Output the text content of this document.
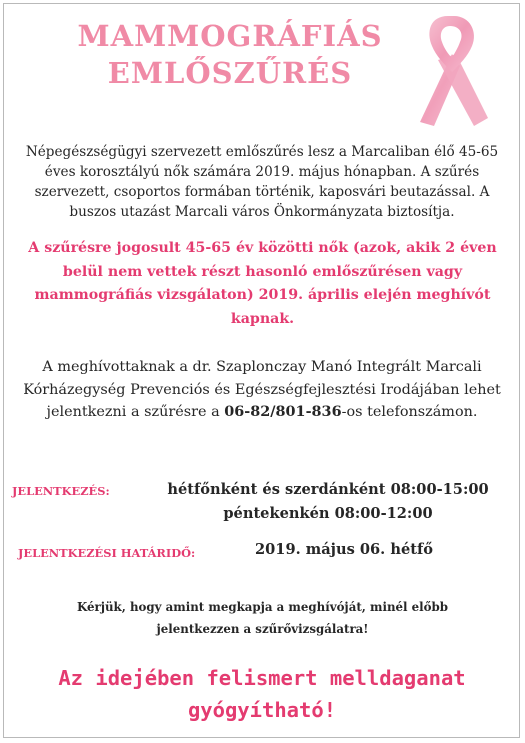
MAMMOGRÁFIÁS
EMLŐSZŰRÉS
Népegészségügyi szervezett emlőszűrés lesz a Marcaliban élő 45-65 éves korosztályú nők számára 2019. május hónapban. A szűrés szervezett, csoportos formában történik, kaposvári beutazással. A buszos utazást Marcali város Önkormányzata biztosítja.
A szűrésre jogosult 45-65 év közötti nők (azok, akik 2 éven belül nem vettek részt hasonló emlőszűrésen vagy mammográfiás vizsgálaton) 2019. április elején meghívót kapnak.
A meghívottaknak a dr. Szaplonczay Manó Integrált Marcali Kórházegység Prevenciós és Egészségfejlesztési Irodájában lehet jelentkezni a szűrésre a 06-82/801-836-os telefonszámon.
JELENTKEZÉS:	hétfőnként és szerdánként 08:00-15:00
péntekenkén 08:00-12:00
JELENTKEZÉSI HATÁRIDŐ:	2019. május 06. hétfő
Kérjük, hogy amint megkapja a meghívóját, minél előbb
jelentkezzen a szűrővizsgálatra!
Az idejében felismert melldaganat
gyógyítható!
